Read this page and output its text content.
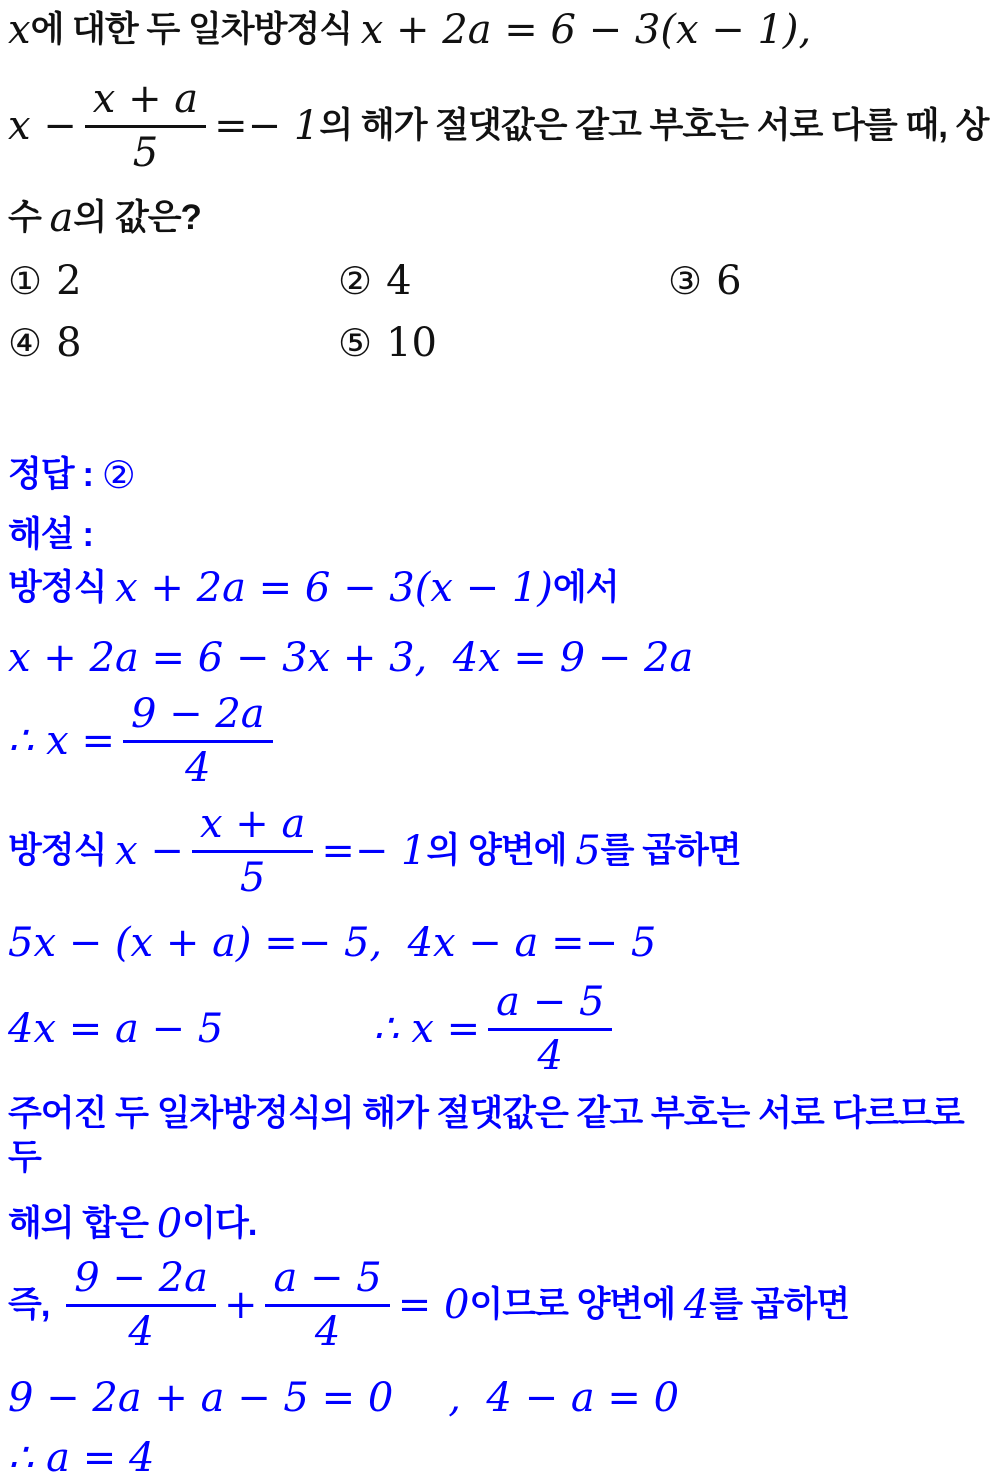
x 에 대한 두 일차방정식 x + 2a = 6 − 3(x − 1),
$x - \frac{x + a}{5} =- 1$ 의 해가 절댓값은 같고 부호는 서로 다를 때, 상
수 a 의 값은?
① 2	② 4	③ 6
④ 8	⑤ 10
정답 : ②
해설 :
방정식 x + 2a = 6 − 3(x − 1) 에서
x + 2a = 6 − 3x + 3,  4x = 9 − 2a
∴ $x = \frac{9 - 2a}{4}$
방정식 $x - \frac{x + a}{5} =- 1$ 의 양변에 5 를 곱하면
5x − (x + a) =− 5,  4x − a =− 5
4x = a − 5	∴ $x = \frac{a - 5}{4}$
주어진 두 일차방정식의 해가 절댓값은 같고 부호는 서로 다르므로 두
해의 합은 0 이다.
즉, $\frac{9 - 2a}{4} + \frac{a - 5}{4} = 0$ 이므로 양변에 4 를 곱하면
9 − 2a + a − 5 = 0 ,  4 − a = 0
∴ a = 4
